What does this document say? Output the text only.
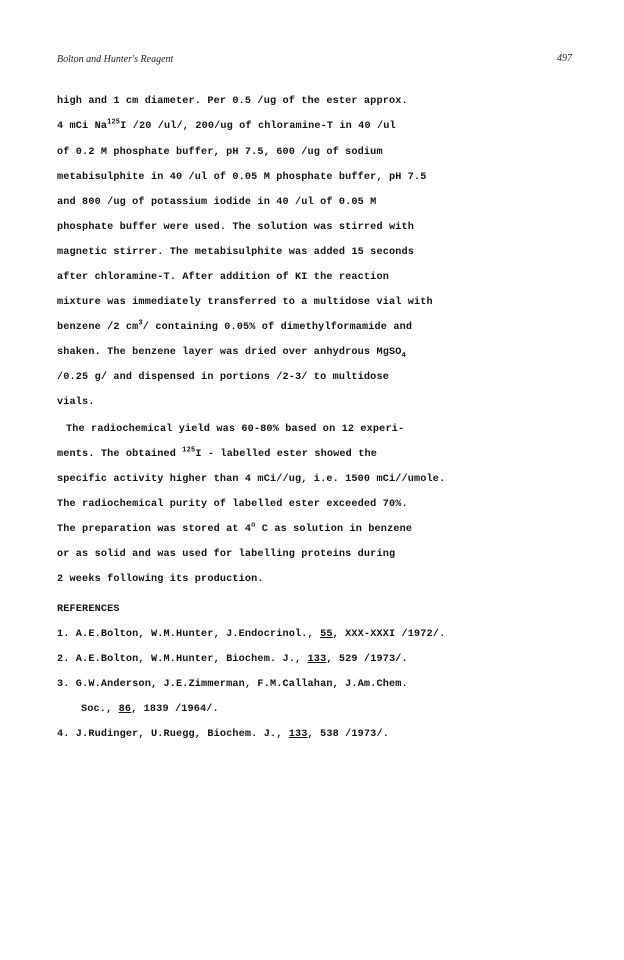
Bolton and Hunter's Reagent	497
high and 1 cm diameter. Per 0.5 /ug of the ester approx.
4 mCi Na$^{125}$I /20 /ul/, 200/ug of chloramine-T in 40 /ul
of 0.2 M phosphate buffer, pH 7.5, 600 /ug of sodium
metabisulphite in 40 /ul of 0.05 M phosphate buffer, pH 7.5
and 800 /ug of potassium iodide in 40 /ul of 0.05 M
phosphate buffer were used. The solution was stirred with
magnetic stirrer. The metabisulphite was added 15 seconds
after chloramine-T. After addition of KI the reaction
mixture was immediately transferred to a multidose vial with
benzene /2 $cm^3/$ containing 0.05% of dimethylformamide and
shaken. The benzene layer was dried over anhydrous MgSO$_4$
/0.25 g/ and dispensed in portions /2-3/ to multidose
vials.
The radiochemical yield was 60-80% based on 12 experi-
ments. The obtained $^{125}$I - labelled ester showed the
specific activity higher than 4 mCi//ug, i.e. 1500 mCi//umole.
The radiochemical purity of labelled ester exceeded 70%.
The preparation was stored at 4$^o$ C as solution in benzene
or as solid and was used for labelling proteins during
2 weeks following its production.
REFERENCES
1. A.E.Bolton, W.M.Hunter, J.Endocrinol., 55, XXX-XXXI /1972/.
2. A.E.Bolton, W.M.Hunter, Biochem. J., 133, 529 /1973/.
3. G.W.Anderson, J.E.Zimmerman, F.M.Callahan, J.Am.Chem.
Soc., 86, 1839 /1964/.
4. J.Rudinger, U.Ruegg, Biochem. J., 133, 538 /1973/.
